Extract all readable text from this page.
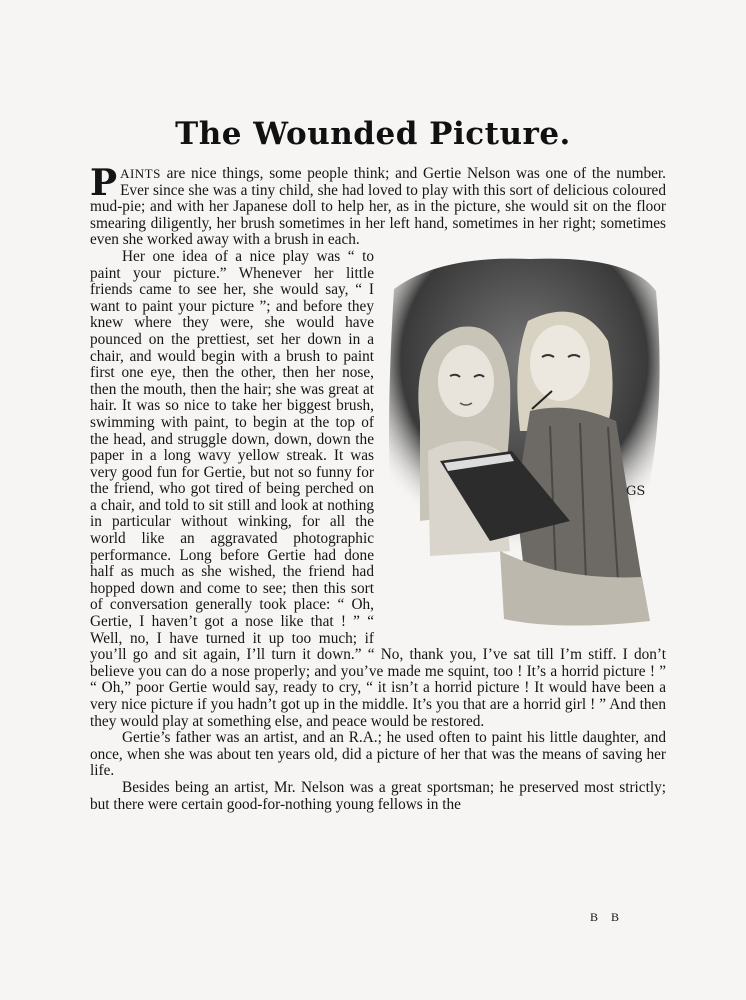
The Wounded Picture.

PAINTS are nice things, some people think; and Gertie Nelson was one of the number. Ever since she was a tiny child, she had loved to play with this sort of delicious coloured mud-pie; and with her Japanese doll to help her, as in the picture, she would sit on the floor smearing diligently, her brush sometimes in her left hand, sometimes in her right; sometimes even she worked away with a brush in each.

GS
Her one idea of a nice play was “ to paint your picture.” Whenever her little friends came to see her, she would say, “ I want to paint your picture ”; and before they knew where they were, she would have pounced on the prettiest, set her down in a chair, and would begin with a brush to paint first one eye, then the other, then her nose, then the mouth, then the hair; she was great at hair. It was so nice to take her biggest brush, swimming with paint, to begin at the top of the head, and struggle down, down, down the paper in a long wavy yellow streak. It was very good fun for Gertie, but not so funny for the friend, who got tired of being perched on a chair, and told to sit still and look at nothing in particular without winking, for all the world like an aggravated photographic performance. Long before Gertie had done half as much as she wished, the friend had hopped down and come to see; then this sort of conversation generally took place: “ Oh, Gertie, I haven’t got a nose like that ! ” “ Well, no, I have turned it up too much; if you’ll go and sit again, I’ll turn it down.” “ No, thank you, I’ve sat till I’m stiff. I don’t believe you can do a nose properly; and you’ve made me squint, too ! It’s a horrid picture ! ” “ Oh,” poor Gertie would say, ready to cry, “ it isn’t a horrid picture ! It would have been a very nice picture if you hadn’t got up in the middle. It’s you that are a horrid girl ! ” And then they would play at something else, and peace would be restored.

Gertie’s father was an artist, and an R.A.; he used often to paint his little daughter, and once, when she was about ten years old, did a picture of her that was the means of saving her life.

Besides being an artist, Mr. Nelson was a great sportsman; he preserved most strictly; but there were certain good-for-nothing young fellows in the

B B
